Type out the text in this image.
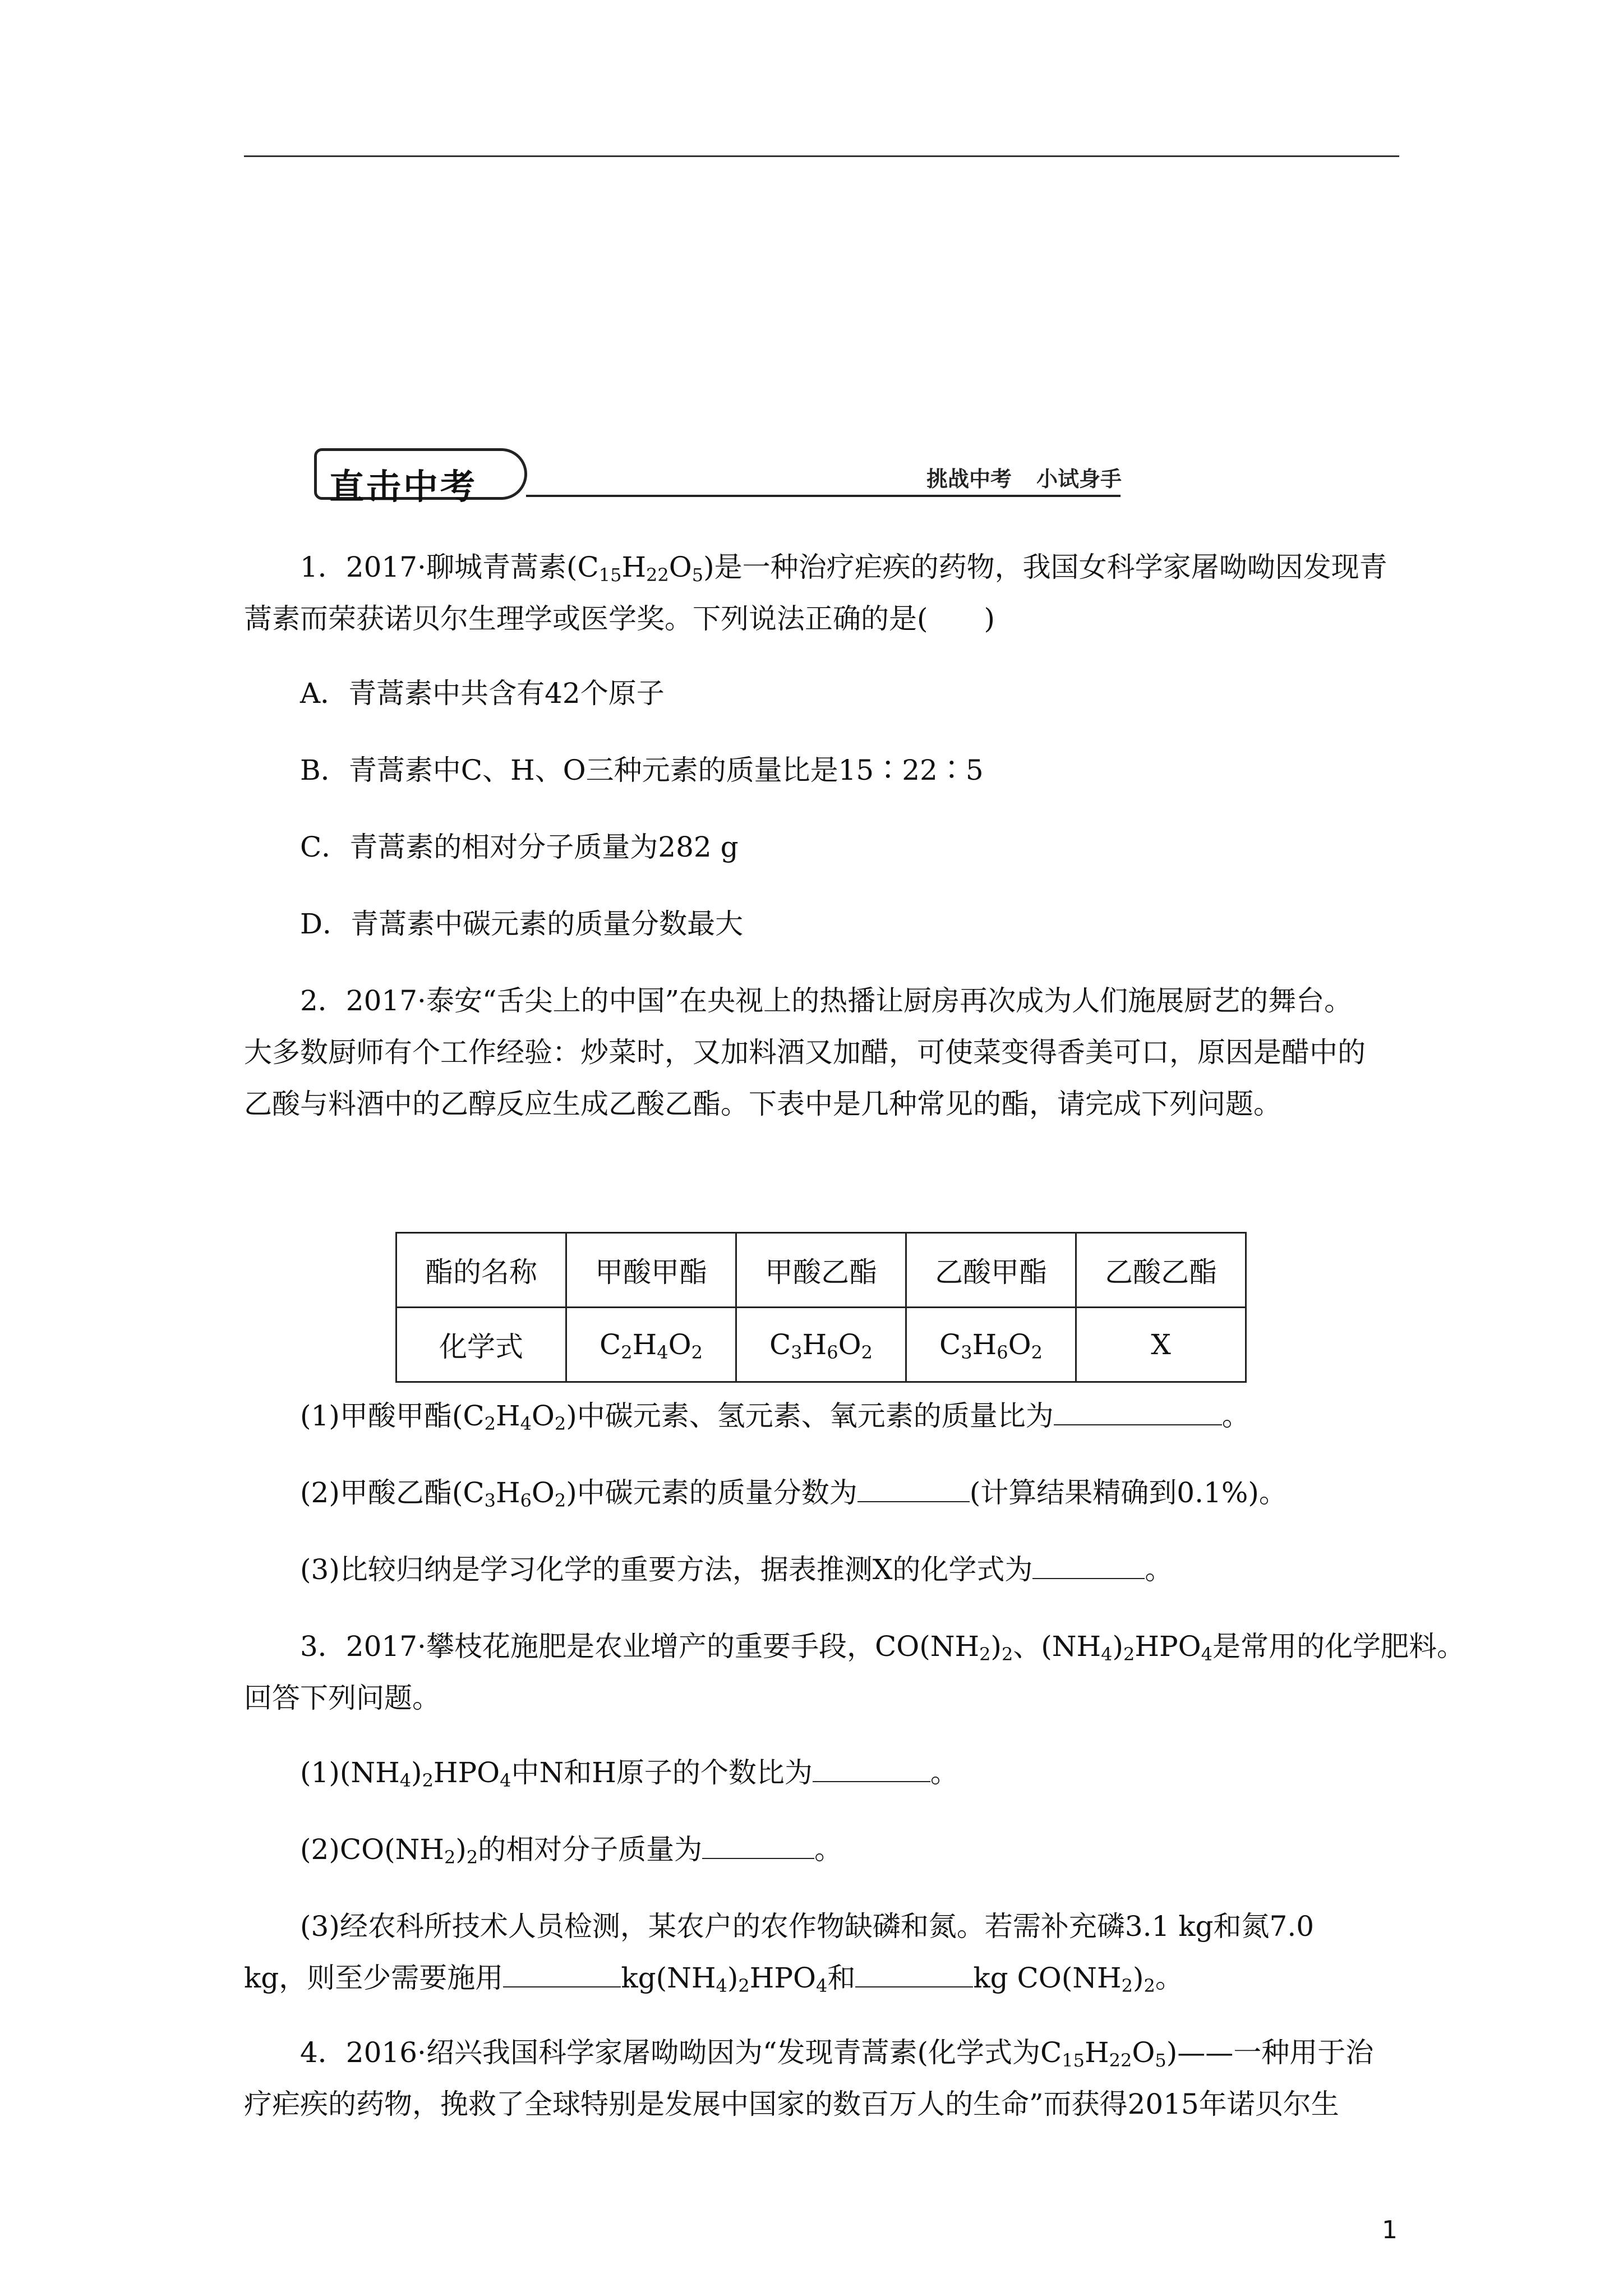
直击中考	挑战中考 小试身手
1．2017·聊城青蒿素$(C_{15}H_{22}O_5)$是一种治疗疟疾的药物，我国女科学家屠呦呦因发现青
蒿素而荣获诺贝尔生理学或医学奖。下列说法正确的是(　　)
A．青蒿素中共含有42个原子
B．青蒿素中C、H、O三种元素的质量比是15∶22∶5
C．青蒿素的相对分子质量为282 g
D．青蒿素中碳元素的质量分数最大
2．2017·泰安“舌尖上的中国”在央视上的热播让厨房再次成为人们施展厨艺的舞台。
大多数厨师有个工作经验：炒菜时，又加料酒又加醋，可使菜变得香美可口，原因是醋中的
乙酸与料酒中的乙醇反应生成乙酸乙酯。下表中是几种常见的酯，请完成下列问题。
酯的名称	甲酸甲酯	甲酸乙酯	乙酸甲酯	乙酸乙酯
化学式	$C_2H_4O_2$	$C_3H_6O_2$	$C_3H_6O_2$	X
(1)甲酸甲酯$(C_2H_4O_2)$中碳元素、氢元素、氧元素的质量比为	。
(2)甲酸乙酯$(C_3H_6O_2)$中碳元素的质量分数为	(计算结果精确到0.1%)。
(3)比较归纳是学习化学的重要方法，据表推测X的化学式为	。
3．2017·攀枝花施肥是农业增产的重要手段，$CO(NH_2)_2$、$(NH_4)_2HPO_4$是常用的化学肥料。
回答下列问题。
$(1)(NH_4)_2HPO_4$中N和H原子的个数比为	。
$(2)CO(NH_2)_2$的相对分子质量为	。
(3)经农科所技术人员检测，某农户的农作物缺磷和氮。若需补充磷3.1 kg和氮7.0
kg，则至少需要施用	$kg(NH_4)_2HPO_4$和	kg $CO(NH_2)_2$。
4．2016·绍兴我国科学家屠呦呦因为“发现青蒿素(化学式为$C_{15}H_{22}O_5)——$一种用于治
疗疟疾的药物，挽救了全球特别是发展中国家的数百万人的生命”而获得2015年诺贝尔生
1
